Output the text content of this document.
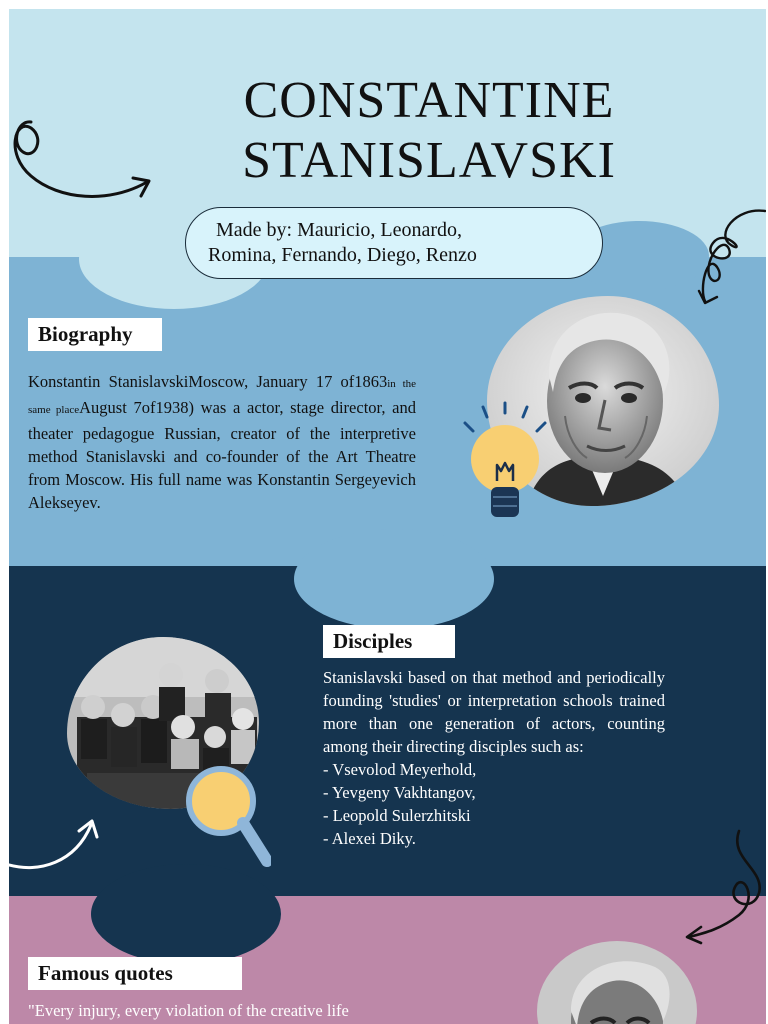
CONSTANTINE
STANISLAVSKI
Made by: Mauricio, Leonardo,
Romina, Fernando, Diego, Renzo
Biography

Konstantin StanislavskiMoscow, January 17 of1863in the same placeAugust 7of1938) was a actor, stage director, and theater pedagogue Russian, creator of the interpretive method Stanislavski and co-founder of the Art Theatre from Moscow. His full name was Konstantin Sergeyevich Alekseyev.

Disciples
Stanislavski based on that method and periodically founding 'studies' or interpretation schools trained more than one generation of actors, counting among their directing disciples such as:
- Vsevolod Meyerhold,
- Yevgeny Vakhtangov,
- Leopold Sulerzhitski
- Alexei Diky.
Famous quotes

"Every injury, every violation of the creative life
